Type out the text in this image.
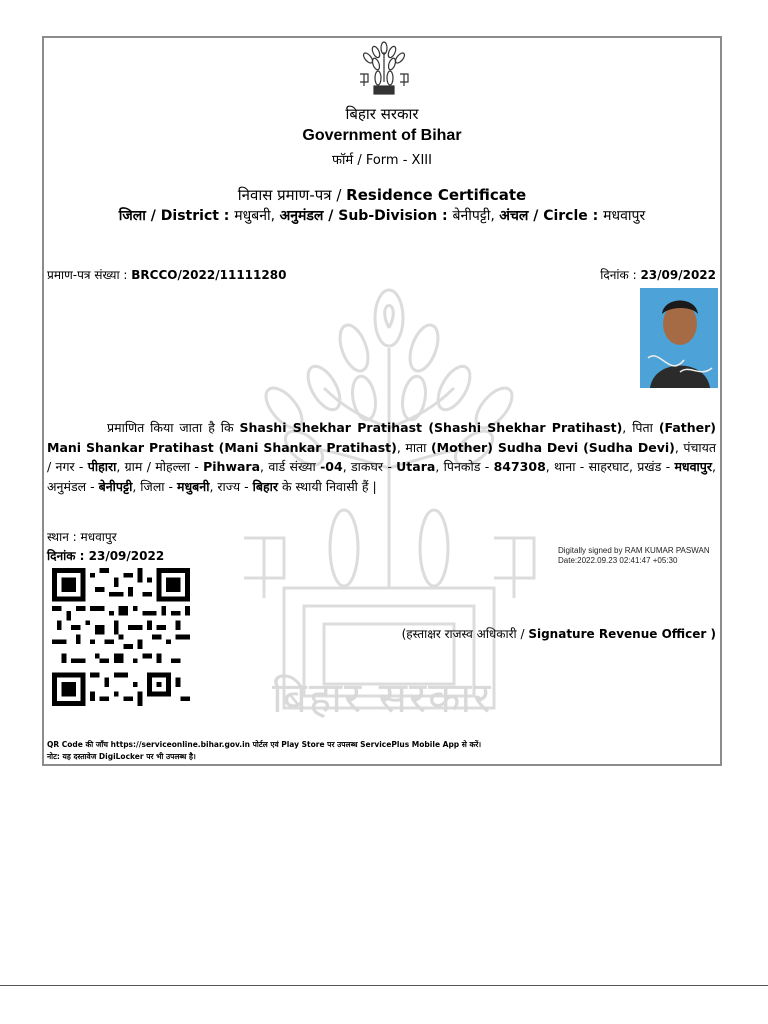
बिहार सरकार
बिहार सरकार
Government of Bihar
फॉर्म / Form - XIII
निवास प्रमाण-पत्र / Residence Certificate
जिला / District : मधुबनी, अनुमंडल / Sub-Division : बेनीपट्टी, अंचल / Circle : मधवापुर
प्रमाण-पत्र संख्या : BRCCO/2022/11111280	दिनांक : 23/09/2022
प्रमाणित किया जाता है कि Shashi Shekhar Pratihast (Shashi Shekhar Pratihast), पिता (Father) Mani Shankar Pratihast (Mani Shankar Pratihast), माता (Mother) Sudha Devi (Sudha Devi), पंचायत / नगर - पीहारा, ग्राम / मोहल्ला - Pihwara, वार्ड संख्या -04, डाकघर - Utara, पिनकोड - 847308, थाना - साहरघाट, प्रखंड - मधवापुर, अनुमंडल - बेनीपट्टी, जिला - मधुबनी, राज्य - बिहार के स्थायी निवासी हैं |
स्थान : मधवापुर
दिनांक : 23/09/2022	Digitally signed by RAM KUMAR PASWAN
Date:2022.09.23 02:41:47 +05:30
(हस्ताक्षर राजस्व अधिकारी / Signature Revenue Officer )
QR Code की जाँच https://serviceonline.bihar.gov.in पोर्टल एवं Play Store पर उपलब्ध ServicePlus Mobile App से करें।
नोट: यह दस्तावेज DigiLocker पर भी उपलब्ध है।
